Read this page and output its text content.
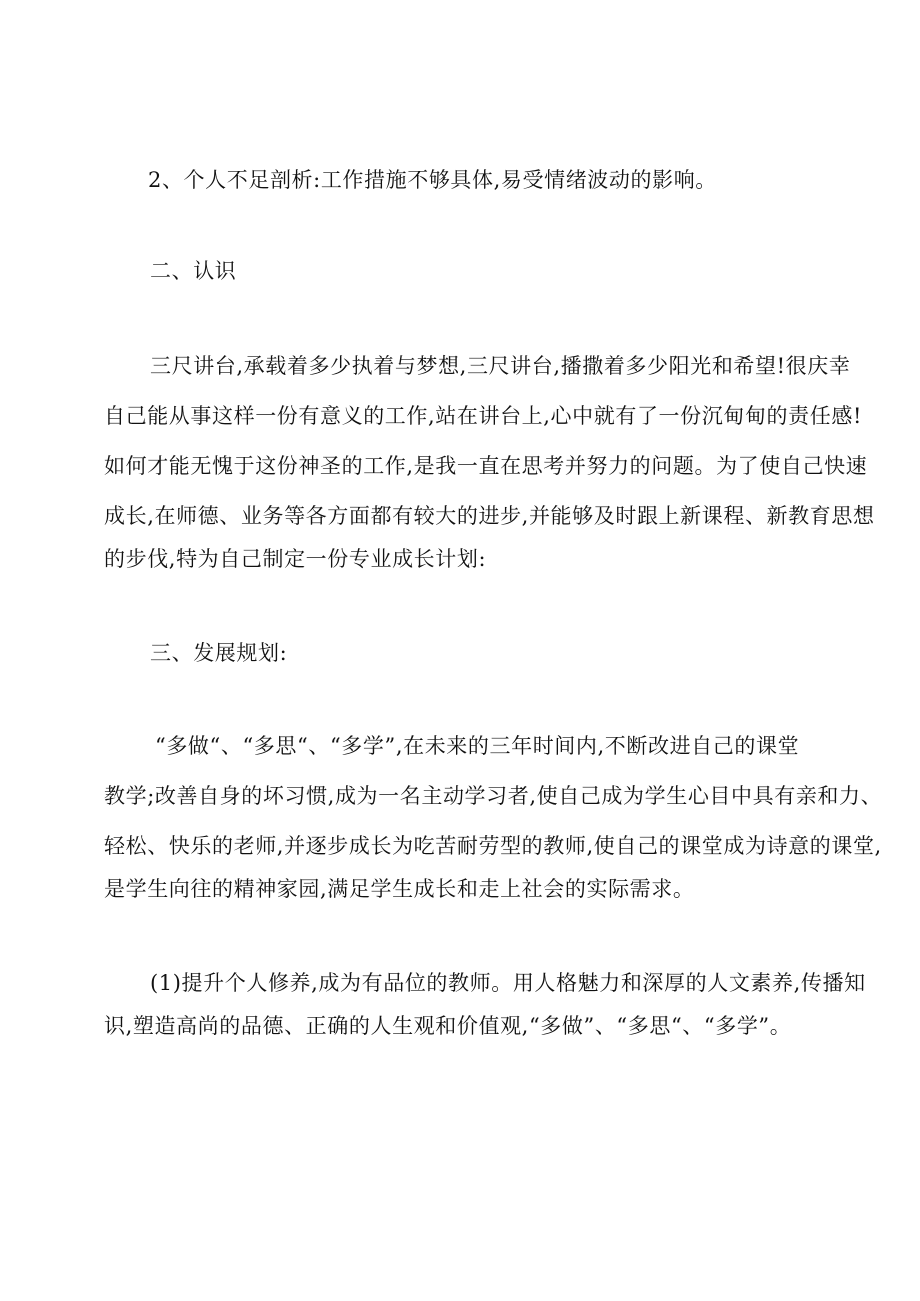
2、个人不足剖析:工作措施不够具体,易受情绪波动的影响。
二、认识
三尺讲台,承载着多少执着与梦想,三尺讲台,播撒着多少阳光和希望!很庆幸
自己能从事这样一份有意义的工作,站在讲台上,心中就有了一份沉甸甸的责任感!
如何才能无愧于这份神圣的工作,是我一直在思考并努力的问题。为了使自己快速
成长,在师德、业务等各方面都有较大的进步,并能够及时跟上新课程、新教育思想
的步伐,特为自己制定一份专业成长计划:
三、发展规划:
“多做“、“多思“、“多学”,在未来的三年时间内,不断改进自己的课堂
教学;改善自身的坏习惯,成为一名主动学习者,使自己成为学生心目中具有亲和力、
轻松、快乐的老师,并逐步成长为吃苦耐劳型的教师,使自己的课堂成为诗意的课堂,
是学生向往的精神家园,满足学生成长和走上社会的实际需求。
(1)提升个人修养,成为有品位的教师。用人格魅力和深厚的人文素养,传播知
识,塑造高尚的品德、正确的人生观和价值观,“多做”、“多思“、“多学”。
